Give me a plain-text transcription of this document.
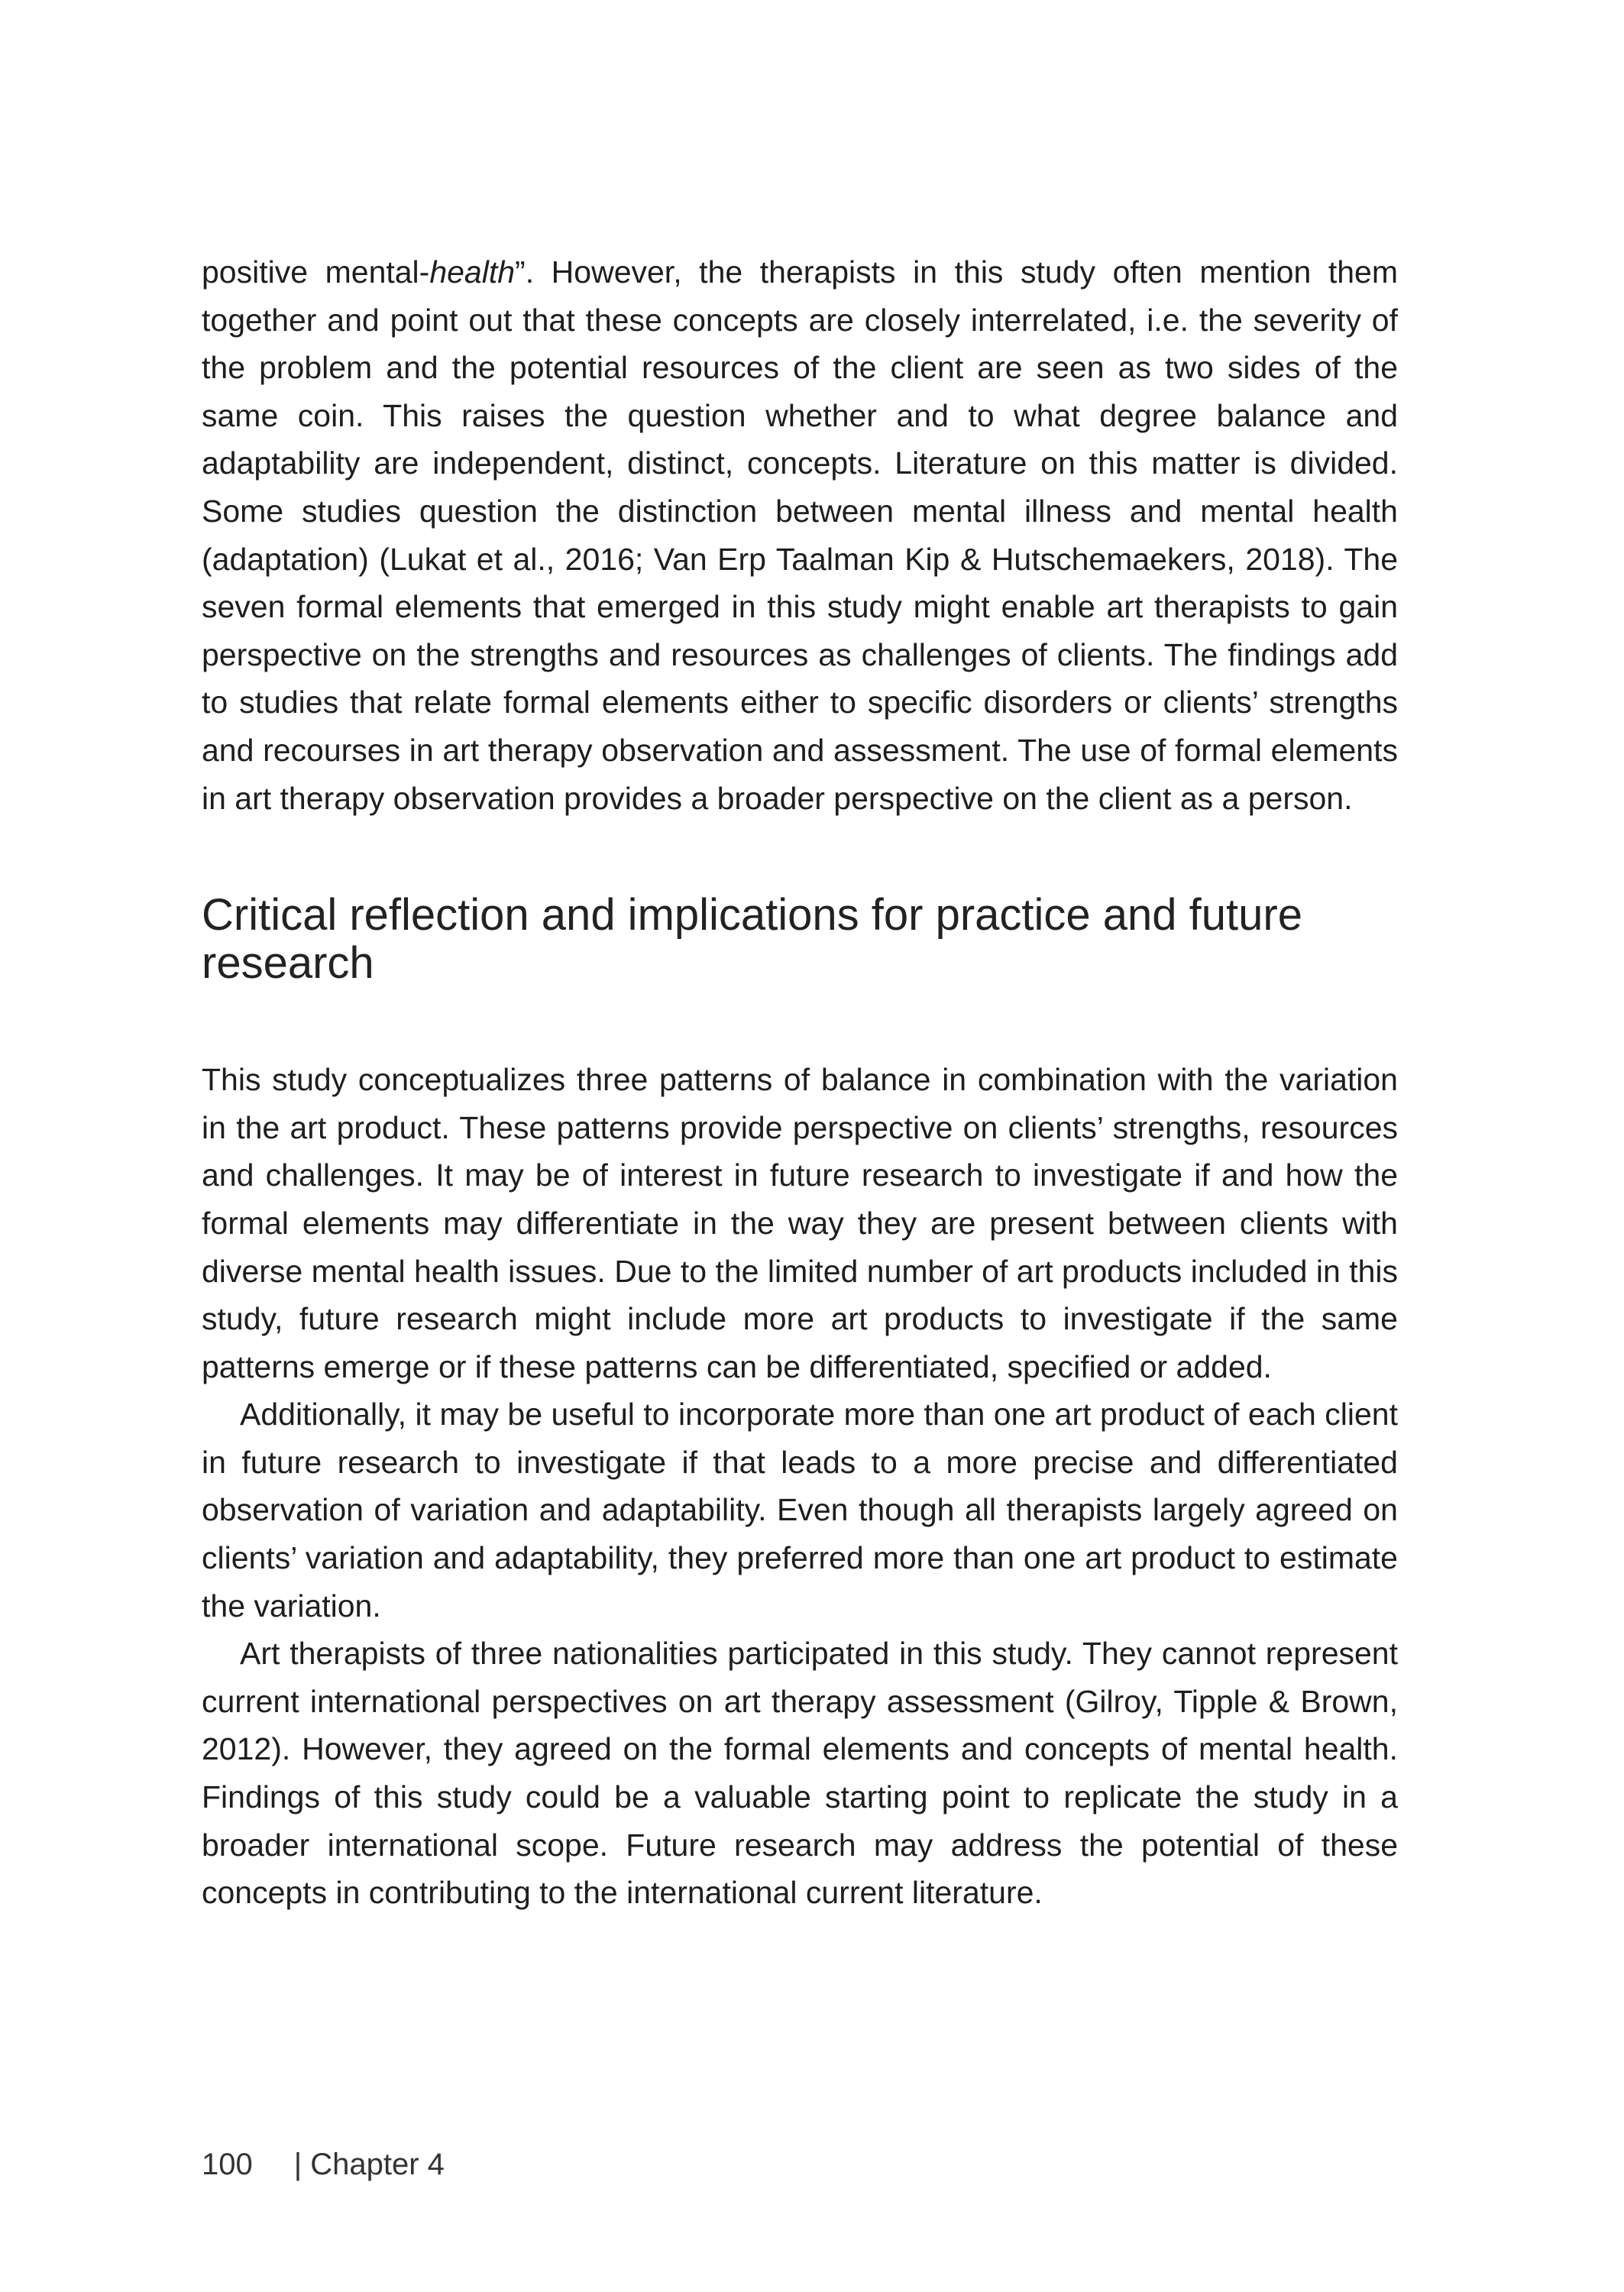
positive mental-health”. However, the therapists in this study often mention them together and point out that these concepts are closely interrelated, i.e. the severity of the problem and the potential resources of the client are seen as two sides of the same coin. This raises the question whether and to what degree balance and adaptability are independent, distinct, concepts. Literature on this matter is divided. Some studies question the distinction between mental illness and mental health (adaptation) (Lukat et al., 2016; Van Erp Taalman Kip & Hutschemaekers, 2018). The seven formal elements that emerged in this study might enable art therapists to gain perspective on the strengths and resources as challenges of clients. The findings add to studies that relate formal elements either to specific disorders or clients’ strengths and recourses in art therapy observation and assessment. The use of formal elements in art therapy observation provides a broader perspective on the client as a person.

Critical reflection and implications for practice and future research

This study conceptualizes three patterns of balance in combination with the variation in the art product. These patterns provide perspective on clients’ strengths, resources and challenges. It may be of interest in future research to investigate if and how the formal elements may differentiate in the way they are present between clients with diverse mental health issues. Due to the limited number of art products included in this study, future research might include more art products to investigate if the same patterns emerge or if these patterns can be differentiated, specified or added.

Additionally, it may be useful to incorporate more than one art product of each client in future research to investigate if that leads to a more precise and differentiated observation of variation and adaptability. Even though all therapists largely agreed on clients’ variation and adaptability, they preferred more than one art product to estimate the variation.

Art therapists of three nationalities participated in this study. They cannot represent current international perspectives on art therapy assessment (Gilroy, Tipple & Brown, 2012). However, they agreed on the formal elements and concepts of mental health. Findings of this study could be a valuable starting point to replicate the study in a broader international scope. Future research may address the potential of these concepts in contributing to the international current literature.

100 | Chapter 4
